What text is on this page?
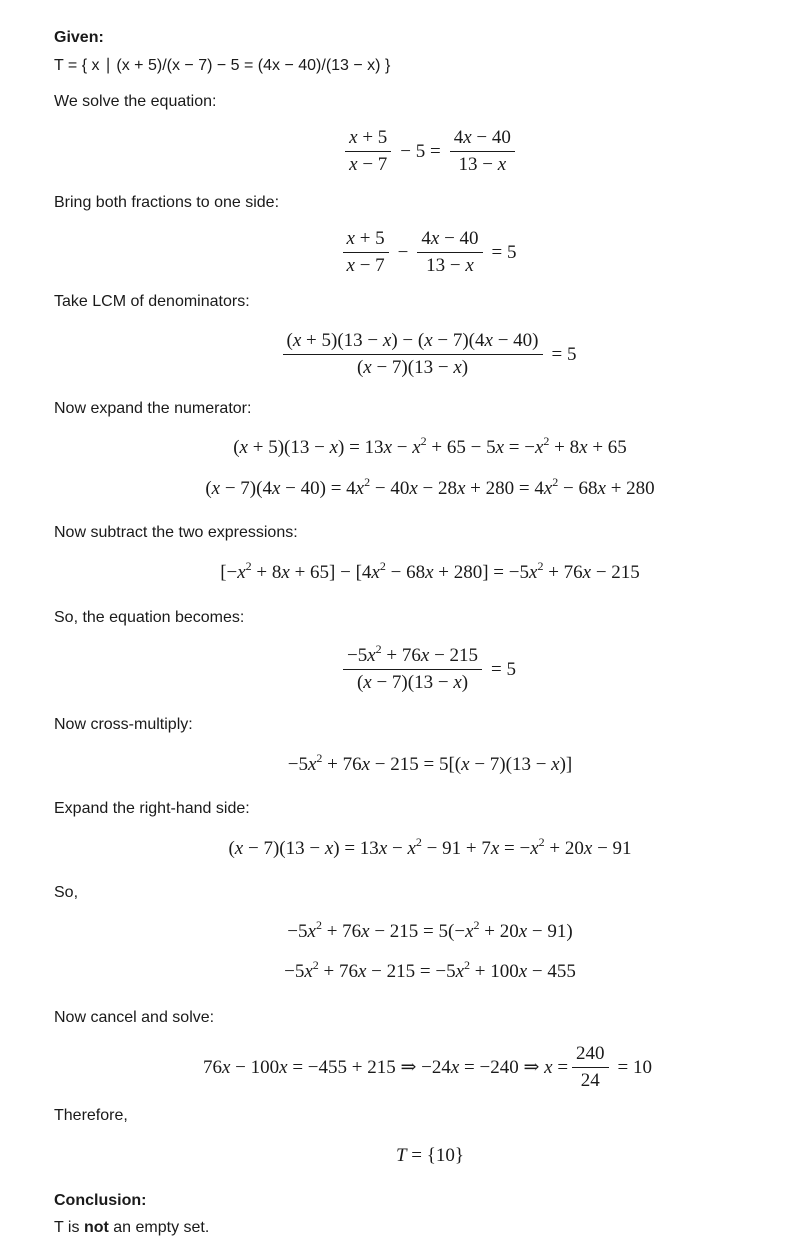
Given:
T = { x ∣ (x + 5)/(x − 7) − 5 = (4x − 40)/(13 − x) }
We solve the equation:
$\frac{x + 5}{x - 7} - 5 = \frac{4x - 40}{13 - x}$
Bring both fractions to one side:
$\frac{x + 5}{x - 7} - \frac{4x - 40}{13 - x} = 5$
Take LCM of denominators:
$\frac{(x + 5)(13 - x) - (x - 7)(4x - 40)}{(x - 7)(13 - x)} = 5$
Now expand the numerator:
$(x + 5)(13 - x) = 13x - x^2 + 65 - 5x = -x^2 + 8x + 65$
$(x - 7)(4x - 40) = 4x^2 - 40x - 28x + 280 = 4x^2 - 68x + 280$
Now subtract the two expressions:
$[-x^2 + 8x + 65] - [4x^2 - 68x + 280] = -5x^2 + 76x - 215$
So, the equation becomes:
$\frac{-5x^2 + 76x - 215}{(x - 7)(13 - x)} = 5$
Now cross-multiply:
$-5x^2 + 76x - 215 = 5[(x - 7)(13 - x)]$
Expand the right-hand side:
$(x - 7)(13 - x) = 13x - x^2 - 91 + 7x = -x^2 + 20x - 91$
So,
$-5x^2 + 76x - 215 = 5(-x^2 + 20x - 91)$
$-5x^2 + 76x - 215 = -5x^2 + 100x - 455$
Now cancel and solve:
76x − 100x = −455 + 215 ⇒ −24x = −240 ⇒ $x = \frac{240}{24} = 10$
Therefore,
T = {10}
Conclusion:
T is not an empty set.
